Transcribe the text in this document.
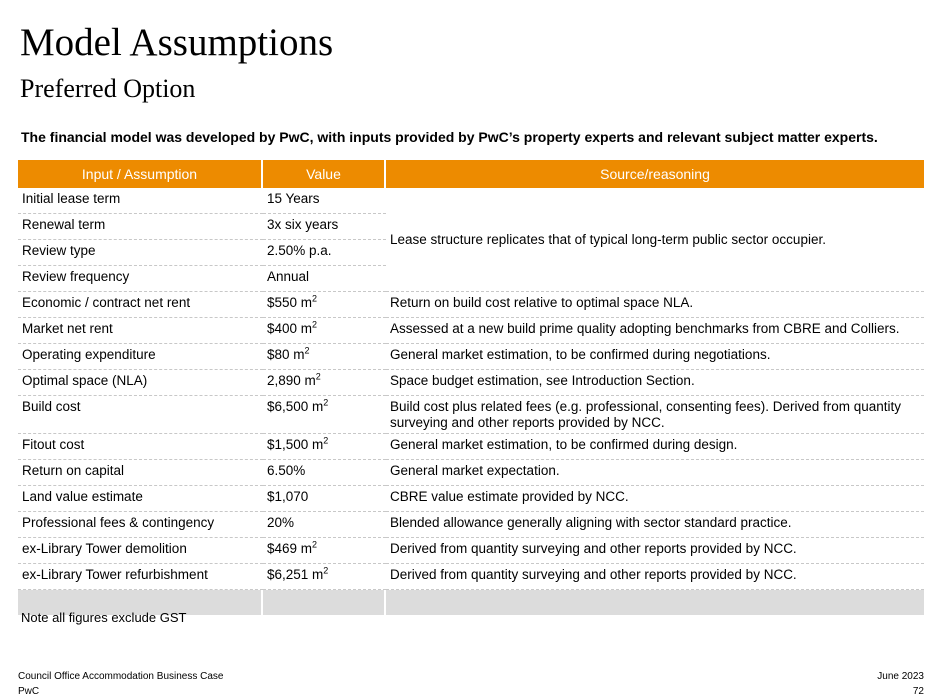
Model Assumptions
Preferred Option
The financial model was developed by PwC, with inputs provided by PwC’s property experts and relevant subject matter experts.
Input / Assumption	Value	Source/reasoning
Initial lease term	15 Years	Lease structure replicates that of typical long-term public sector occupier.
Renewal term	3x six years	
Review type	2.50% p.a.	
Review frequency	Annual	
Economic / contract net rent	$550 $m^2$	Return on build cost relative to optimal space NLA.
Market net rent	$400 $m^2$	Assessed at a new build prime quality adopting benchmarks from CBRE and Colliers.
Operating expenditure	$80 $m^2$	General market estimation, to be confirmed during negotiations.
Optimal space (NLA)	2,890 $m^2$	Space budget estimation, see Introduction Section.
Build cost	$6,500 $m^2$	Build cost plus related fees (e.g. professional, consenting fees). Derived from quantity surveying and other reports provided by NCC.
Fitout cost	$1,500 $m^2$	General market estimation, to be confirmed during design.
Return on capital	6.50%	General market expectation.
Land value estimate	$1,070	CBRE value estimate provided by NCC.
Professional fees & contingency	20%	Blended allowance generally aligning with sector standard practice.
ex-Library Tower demolition	$469 $m^2$	Derived from quantity surveying and other reports provided by NCC.
ex-Library Tower refurbishment	$6,251 $m^2$	Derived from quantity surveying and other reports provided by NCC.

Note all figures exclude GST
Council Office Accommodation Business Case
PwC
June 2023
72
